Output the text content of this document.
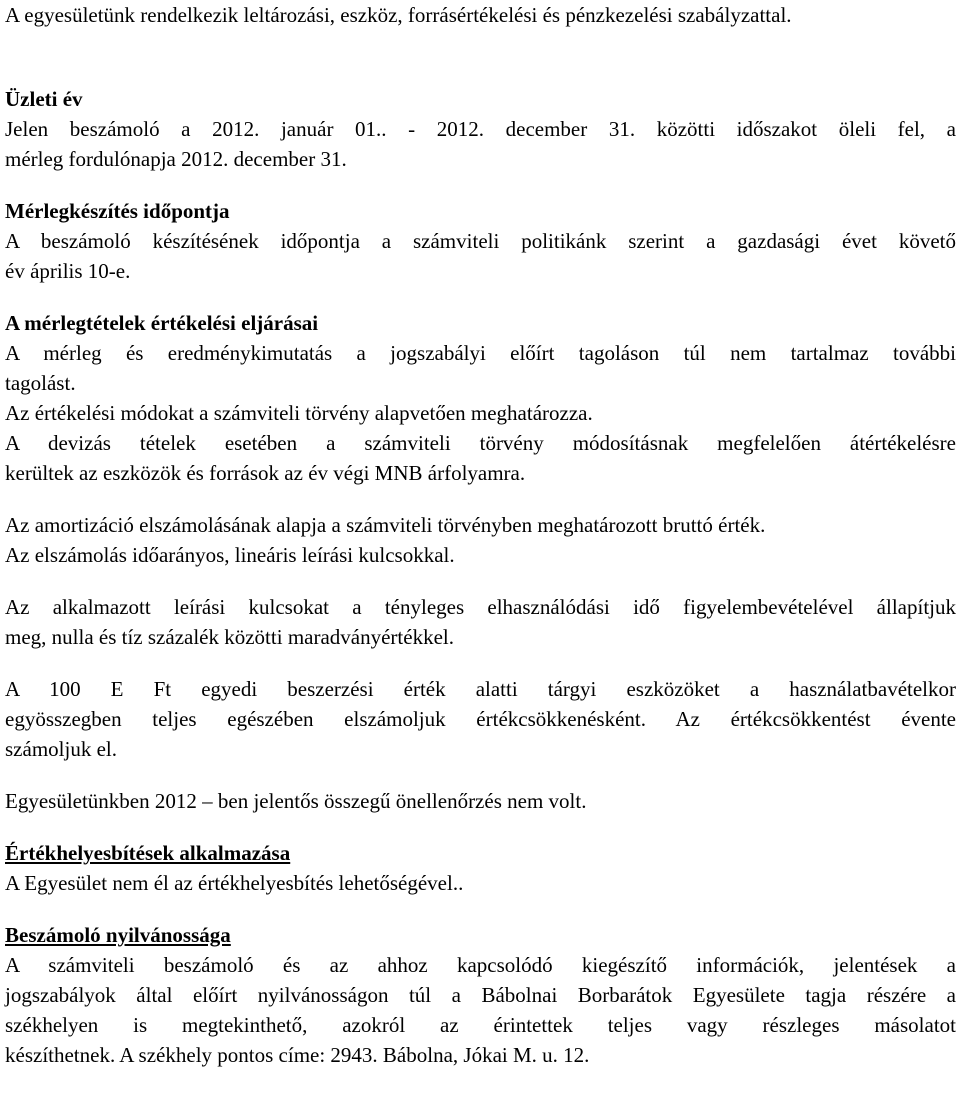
A egyesületünk rendelkezik leltározási, eszköz, forrásértékelési és pénzkezelési szabályzattal.
Üzleti év
Jelen beszámoló a 2012. január 01.. - 2012. december 31. közötti időszakot öleli fel, a
mérleg fordulónapja 2012. december 31.
Mérlegkészítés időpontja
A beszámoló készítésének időpontja a számviteli politikánk szerint a gazdasági évet követő
év április 10-e.
A mérlegtételek értékelési eljárásai
A mérleg és eredménykimutatás a jogszabályi előírt tagoláson túl nem tartalmaz további
tagolást.
Az értékelési módokat a számviteli törvény alapvetően meghatározza.
A devizás tételek esetében a számviteli törvény módosításnak megfelelően átértékelésre
kerültek az eszközök és források az év végi MNB árfolyamra.
Az amortizáció elszámolásának alapja a számviteli törvényben meghatározott bruttó érték.
Az elszámolás időarányos, lineáris leírási kulcsokkal.
Az alkalmazott leírási kulcsokat a tényleges elhasználódási idő figyelembevételével állapítjuk
meg, nulla és tíz százalék közötti maradványértékkel.
A 100 E Ft egyedi beszerzési érték alatti tárgyi eszközöket a használatbavételkor
egyösszegben teljes egészében elszámoljuk értékcsökkenésként. Az értékcsökkentést évente
számoljuk el.
Egyesületünkben 2012 – ben jelentős összegű önellenőrzés nem volt.
Értékhelyesbítések alkalmazása
A Egyesület nem él az értékhelyesbítés lehetőségével..
Beszámoló nyilvánossága
A számviteli beszámoló és az ahhoz kapcsolódó kiegészítő információk, jelentések a
jogszabályok által előírt nyilvánosságon túl a Bábolnai Borbarátok Egyesülete tagja részére a
székhelyen is megtekinthető, azokról az érintettek teljes vagy részleges másolatot
készíthetnek. A székhely pontos címe: 2943. Bábolna, Jókai M. u. 12.
